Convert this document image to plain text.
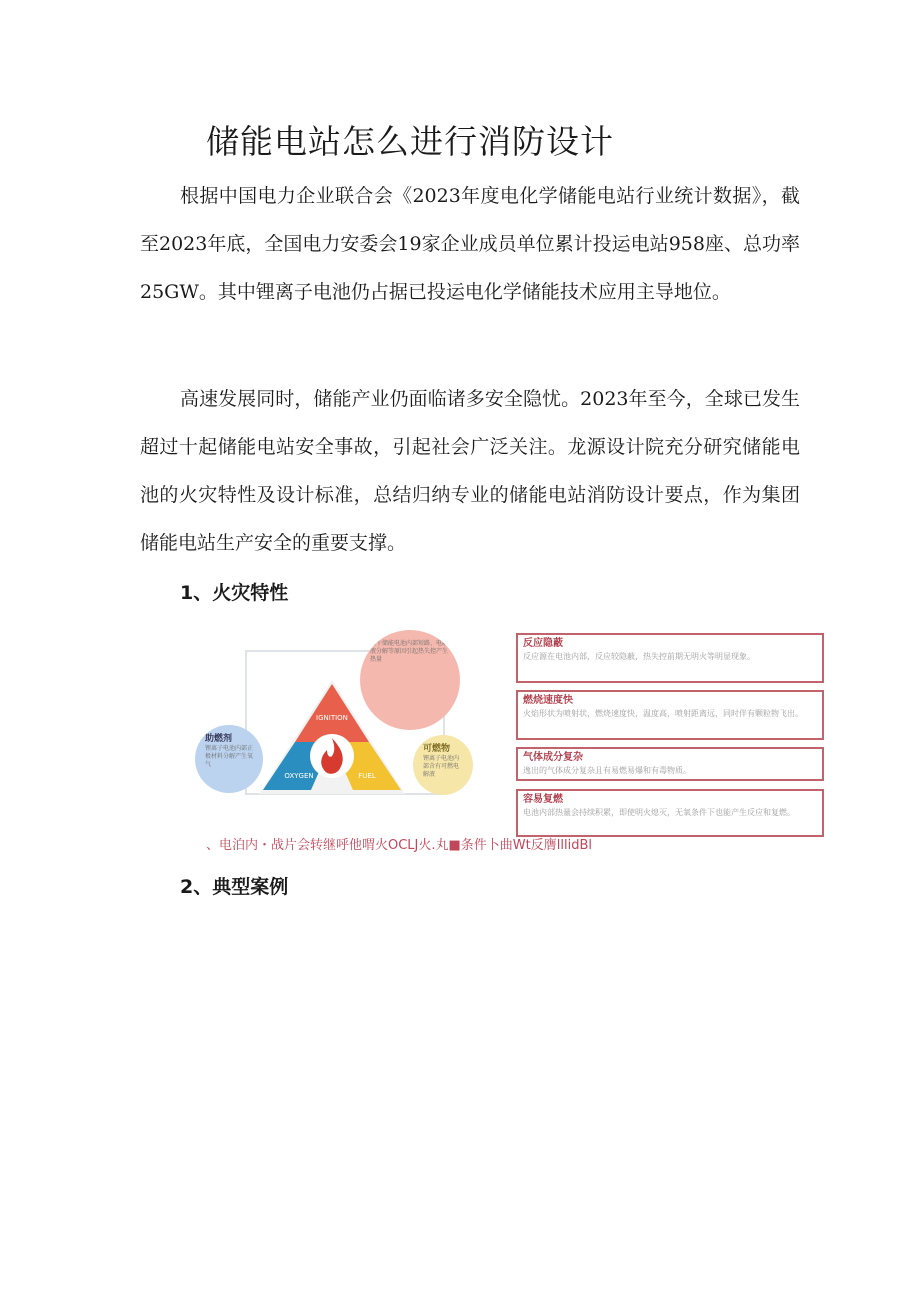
储能电站怎么进行消防设计

根据中国电力企业联合会《2023年度电化学储能电站行业统计数据》，截至2023年底，全国电力安委会19家企业成员单位累计投运电站958座、总功率25GW。其中锂离子电池仍占据已投运电化学储能技术应用主导地位。

高速发展同时，储能产业仍面临诸多安全隐忧。2023年至今，全球已发生超过十起储能电站安全事故，引起社会广泛关注。龙源设计院充分研究储能电池的火灾特性及设计标准，总结归纳专业的储能电站消防设计要点，作为集团储能电站生产安全的重要支撑。

1、火灾特性
由于储能电池内部短路、电解液分解等原因引起热失控产生热量
助燃剂
锂离子电池内部正极材料分解产生氧气
可燃物
锂离子电池内部含有可燃电解液
IGNITION
OXYGEN	FUEL
反应隐蔽
反应源在电池内部，反应较隐蔽，热失控前期无明火等明显现象。
燃烧速度快
火焰形状为喷射状，燃烧速度快，温度高，喷射距离远，同时伴有颗粒物飞出。
气体成分复杂
逸出的气体成分复杂且有易燃易爆和有毒物质。
容易复燃
电池内部热量会持续积累，即使明火熄灭，无氧条件下也能产生反应和复燃。
、电泊内・战片会转继呼他喟火OCLJ火.丸■条件卜曲Wt反膺lllidBl
2、典型案例
